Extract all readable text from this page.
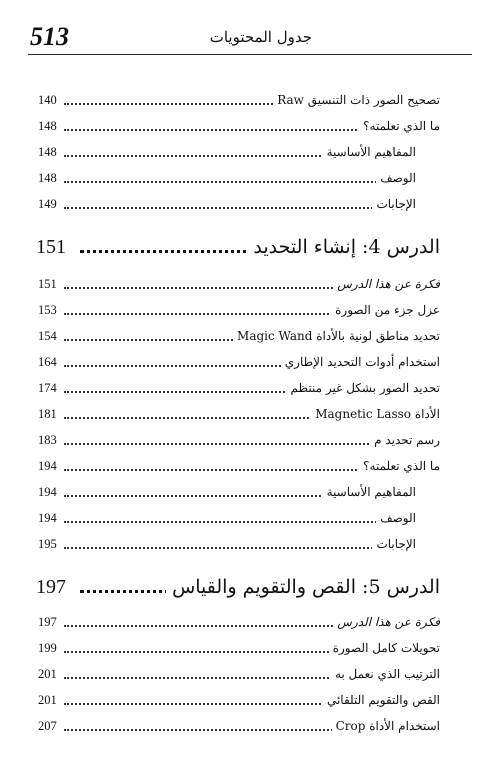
513	جدول المحتويات
140	تصحيح الصور ذات التنسيق Raw
148	ما الذي تعلمته؟
148	المفاهيم الأساسية
148	الوصف
149	الإجابات
151	الدرس 4: إنشاء التحديد
151	فكرة عن هذا الدرس
153	عزل جزء من الصورة
154	تحديد مناطق لونية بالأداة Magic Wand
164	استخدام أدوات التحديد الإطاري
174	تحديد الصور بشكل غير منتظم
181	الأداة Magnetic Lasso
183	رسم تحديد م
194	ما الذي تعلمته؟
194	المفاهيم الأساسية
194	الوصف
195	الإجابات
197	الدرس 5: القص والتقويم والقياس
197	فكرة عن هذا الدرس
199	تحويلات كامل الصورة
201	الترتيب الذي نعمل به
201	القص والتقويم التلقائي
207	استخدام الأداة Crop
